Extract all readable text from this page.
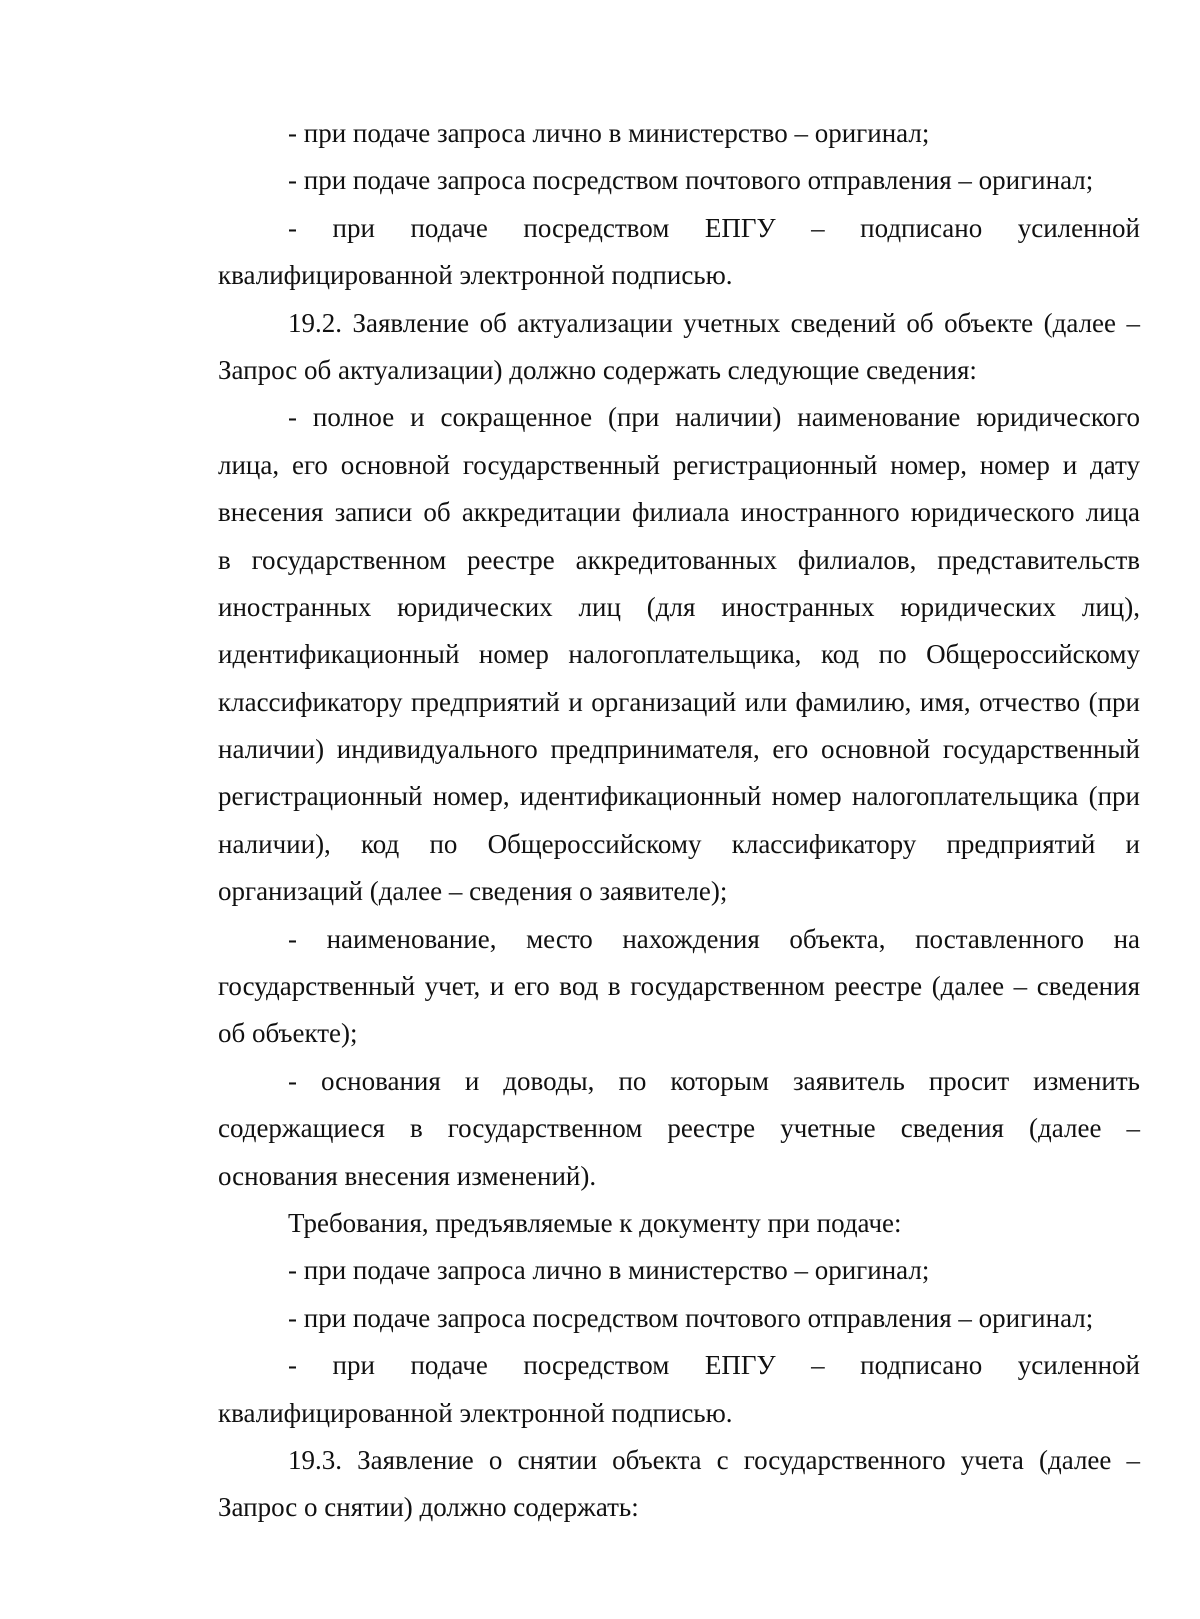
- при подаче запроса лично в министерство – оригинал;
- при подаче запроса посредством почтового отправления – оригинал;
- при подаче посредством ЕПГУ – подписано усиленной
квалифицированной электронной подписью.
19.2. Заявление об актуализации учетных сведений об объекте (далее –
Запрос об актуализации) должно содержать следующие сведения:
- полное и сокращенное (при наличии) наименование юридического
лица, его основной государственный регистрационный номер, номер и дату
внесения записи об аккредитации филиала иностранного юридического лица
в государственном реестре аккредитованных филиалов, представительств
иностранных юридических лиц (для иностранных юридических лиц),
идентификационный номер налогоплательщика, код по Общероссийскому
классификатору предприятий и организаций или фамилию, имя, отчество (при
наличии) индивидуального предпринимателя, его основной государственный
регистрационный номер, идентификационный номер налогоплательщика (при
наличии), код по Общероссийскому классификатору предприятий и
организаций (далее – сведения о заявителе);
- наименование, место нахождения объекта, поставленного на
государственный учет, и его вод в государственном реестре (далее – сведения
об объекте);
- основания и доводы, по которым заявитель просит изменить
содержащиеся в государственном реестре учетные сведения (далее –
основания внесения изменений).
Требования, предъявляемые к документу при подаче:
- при подаче запроса лично в министерство – оригинал;
- при подаче запроса посредством почтового отправления – оригинал;
- при подаче посредством ЕПГУ – подписано усиленной
квалифицированной электронной подписью.
19.3. Заявление о снятии объекта с государственного учета (далее –
Запрос о снятии) должно содержать:
